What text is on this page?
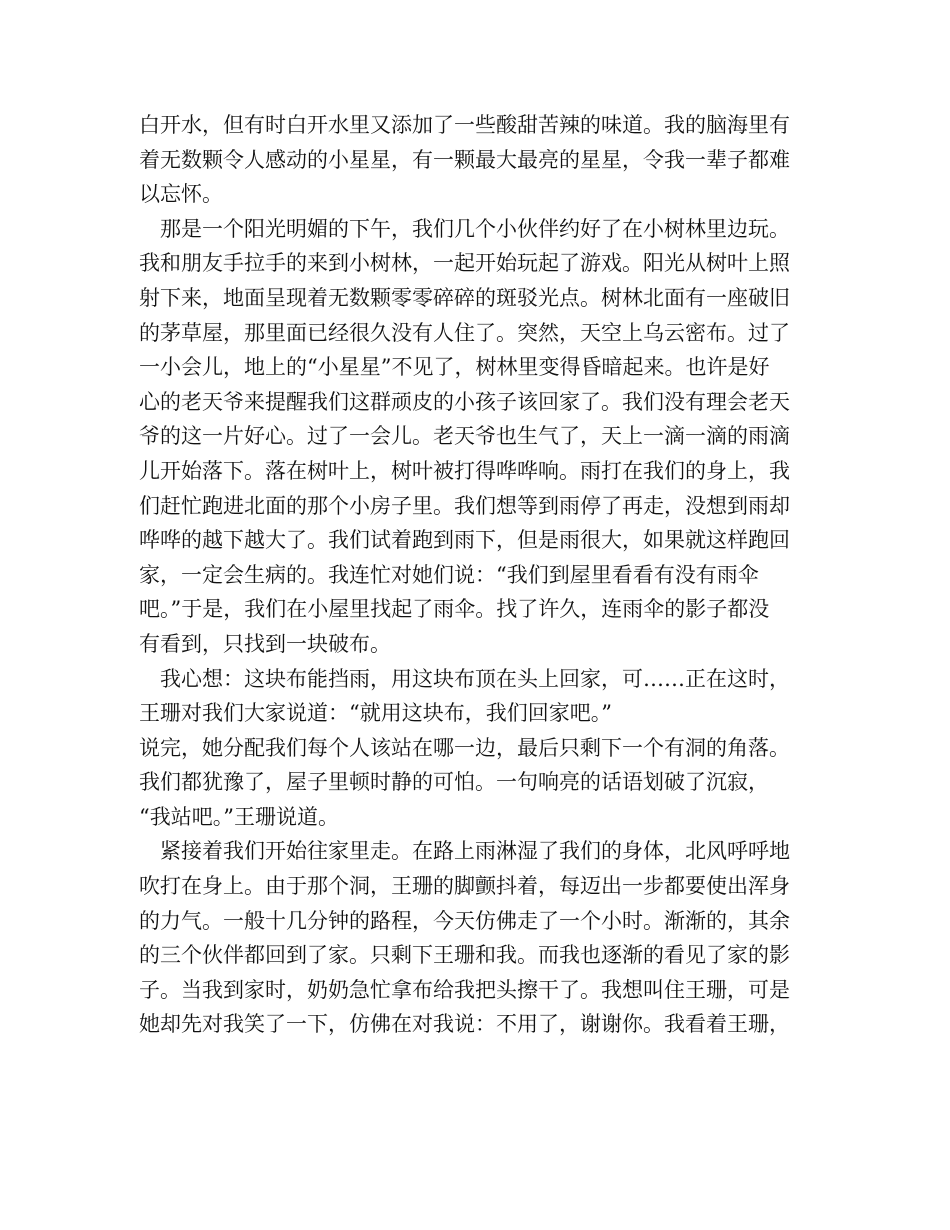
白开水，但有时白开水里又添加了一些酸甜苦辣的味道。我的脑海里有
着无数颗令人感动的小星星，有一颗最大最亮的星星，令我一辈子都难
以忘怀。
　那是一个阳光明媚的下午，我们几个小伙伴约好了在小树林里边玩。
我和朋友手拉手的来到小树林，一起开始玩起了游戏。阳光从树叶上照
射下来，地面呈现着无数颗零零碎碎的斑驳光点。树林北面有一座破旧
的茅草屋，那里面已经很久没有人住了。突然，天空上乌云密布。过了
一小会儿，地上的“小星星”不见了，树林里变得昏暗起来。也许是好
心的老天爷来提醒我们这群顽皮的小孩子该回家了。我们没有理会老天
爷的这一片好心。过了一会儿。老天爷也生气了，天上一滴一滴的雨滴
儿开始落下。落在树叶上，树叶被打得哗哗响。雨打在我们的身上，我
们赶忙跑进北面的那个小房子里。我们想等到雨停了再走，没想到雨却
哗哗的越下越大了。我们试着跑到雨下，但是雨很大，如果就这样跑回
家，一定会生病的。我连忙对她们说：“我们到屋里看看有没有雨伞
吧。”于是，我们在小屋里找起了雨伞。找了许久，连雨伞的影子都没
有看到，只找到一块破布。
　我心想：这块布能挡雨，用这块布顶在头上回家，可……正在这时，
王珊对我们大家说道：“就用这块布，我们回家吧。”
说完，她分配我们每个人该站在哪一边，最后只剩下一个有洞的角落。
我们都犹豫了，屋子里顿时静的可怕。一句响亮的话语划破了沉寂，
“我站吧。”王珊说道。
　紧接着我们开始往家里走。在路上雨淋湿了我们的身体，北风呼呼地
吹打在身上。由于那个洞，王珊的脚颤抖着，每迈出一步都要使出浑身
的力气。一般十几分钟的路程，今天仿佛走了一个小时。渐渐的，其余
的三个伙伴都回到了家。只剩下王珊和我。而我也逐渐的看见了家的影
子。当我到家时，奶奶急忙拿布给我把头擦干了。我想叫住王珊，可是
她却先对我笑了一下，仿佛在对我说：不用了，谢谢你。我看着王珊，
